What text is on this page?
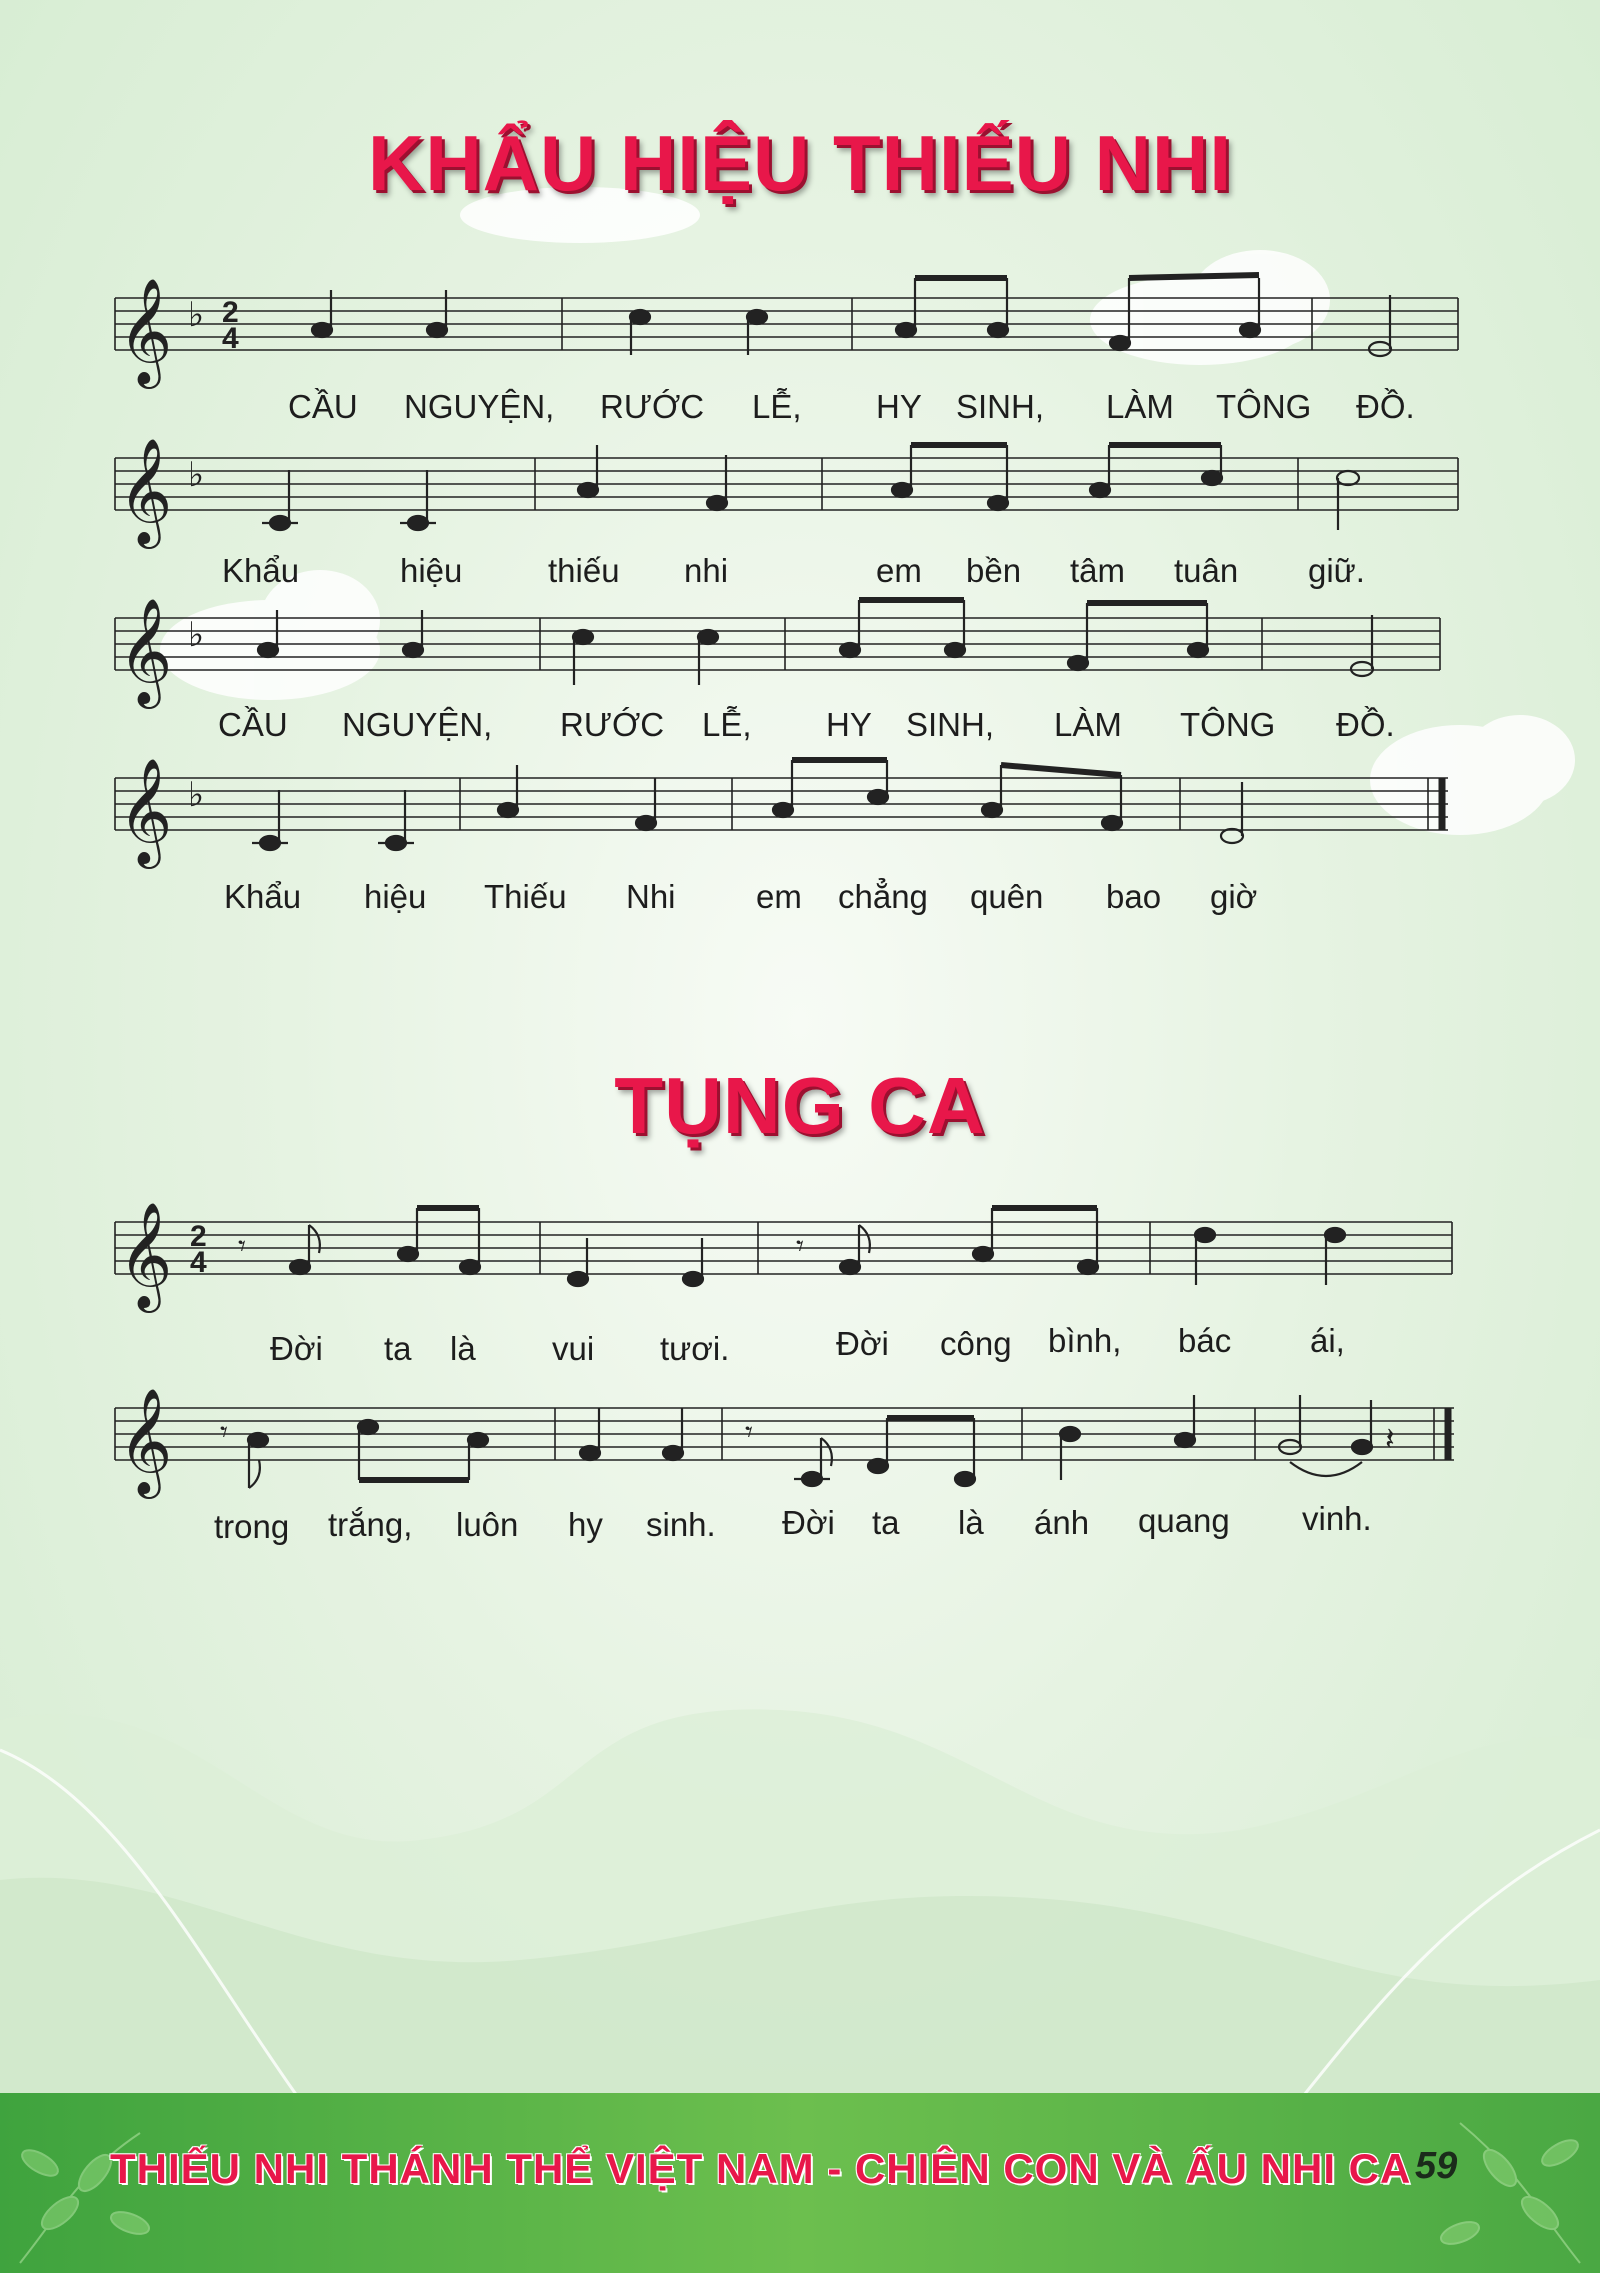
KHẨU HIỆU THIẾU NHI
TỤNG CA
𝄞 ♭ 2
4
𝄞 ♭
𝄞 ♭
𝄞 ♭
𝄞 2
4 𝄾	𝄾
𝄞 𝄾	𝄾	𝄽
CẦU NGUYỆN, RƯỚC LỄ, HY SINH, LÀM TÔNG ĐỒ.
Khẩu	hiệu	thiếu nhi	em bền tâm tuân giữ.
CẦU NGUYỆN, RƯỚC LỄ, HY SINH, LÀM TÔNG ĐỒ.
Khẩu hiệu Thiếu Nhi em chẳng quên bao giờ
Đời ta là vui tươi.	Đời công bình, bác ái,
trong trắng, luôn hy sinh. Đời ta là ánh quang vinh.
THIẾU NHI THÁNH THỂ VIỆT NAM - CHIÊN CON VÀ ẤU NHI CA 59
